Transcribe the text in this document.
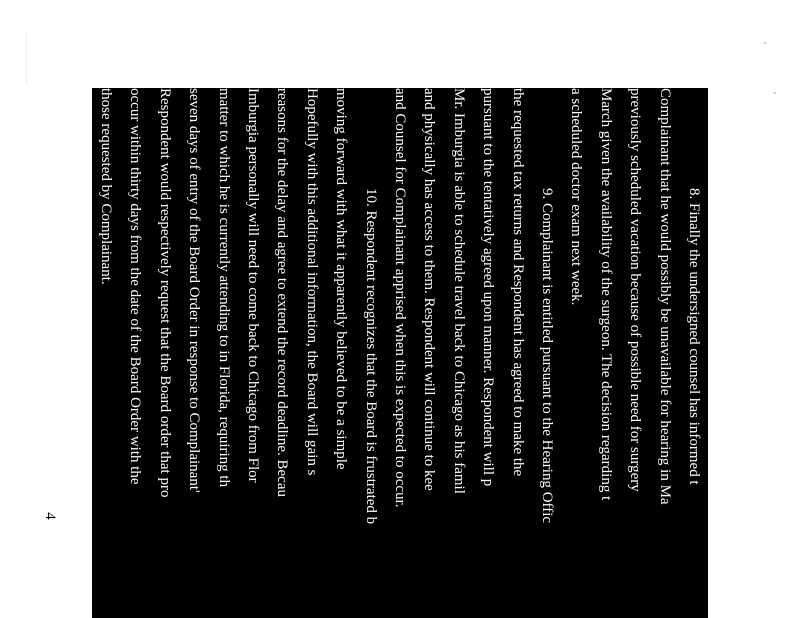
8. Finally the undersigned counsel has informed t
Complainant that he would possibly be unavailable for hearing in Ma
previously scheduled vacation because of possible need for surgery
March given the availability of the surgeon. The decision regarding t
a scheduled doctor exam next week.
9. Complainant is entitled pursuant to the Hearing Offic
the requested tax returns and Respondent has agreed to make the
pursuant to the tentatively agreed upon manner. Respondent will p
Mr. Imburgia is able to schedule travel back to Chicago as his famil
and physically has access to them. Respondent will continue to kee
and Counsel for Complainant apprised when this is expected to occur.
10. Respondent recognizes that the Board is frustrated b
moving forward with what it apparently believed to be a simple
Hopefully with this additional information, the Board will gain s
reasons for the delay and agree to extend the record deadline. Becau
Imburgia personally will need to come back to Chicago from Flor
matter to which he is currently attending to in Florida, requiring th
seven days of entry of the Board Order in response to Complainant'
Respondent would respectively request that the Board order that pro
occur within thirty days from the date of the Board Order with the
those requested by Complainant.
4
